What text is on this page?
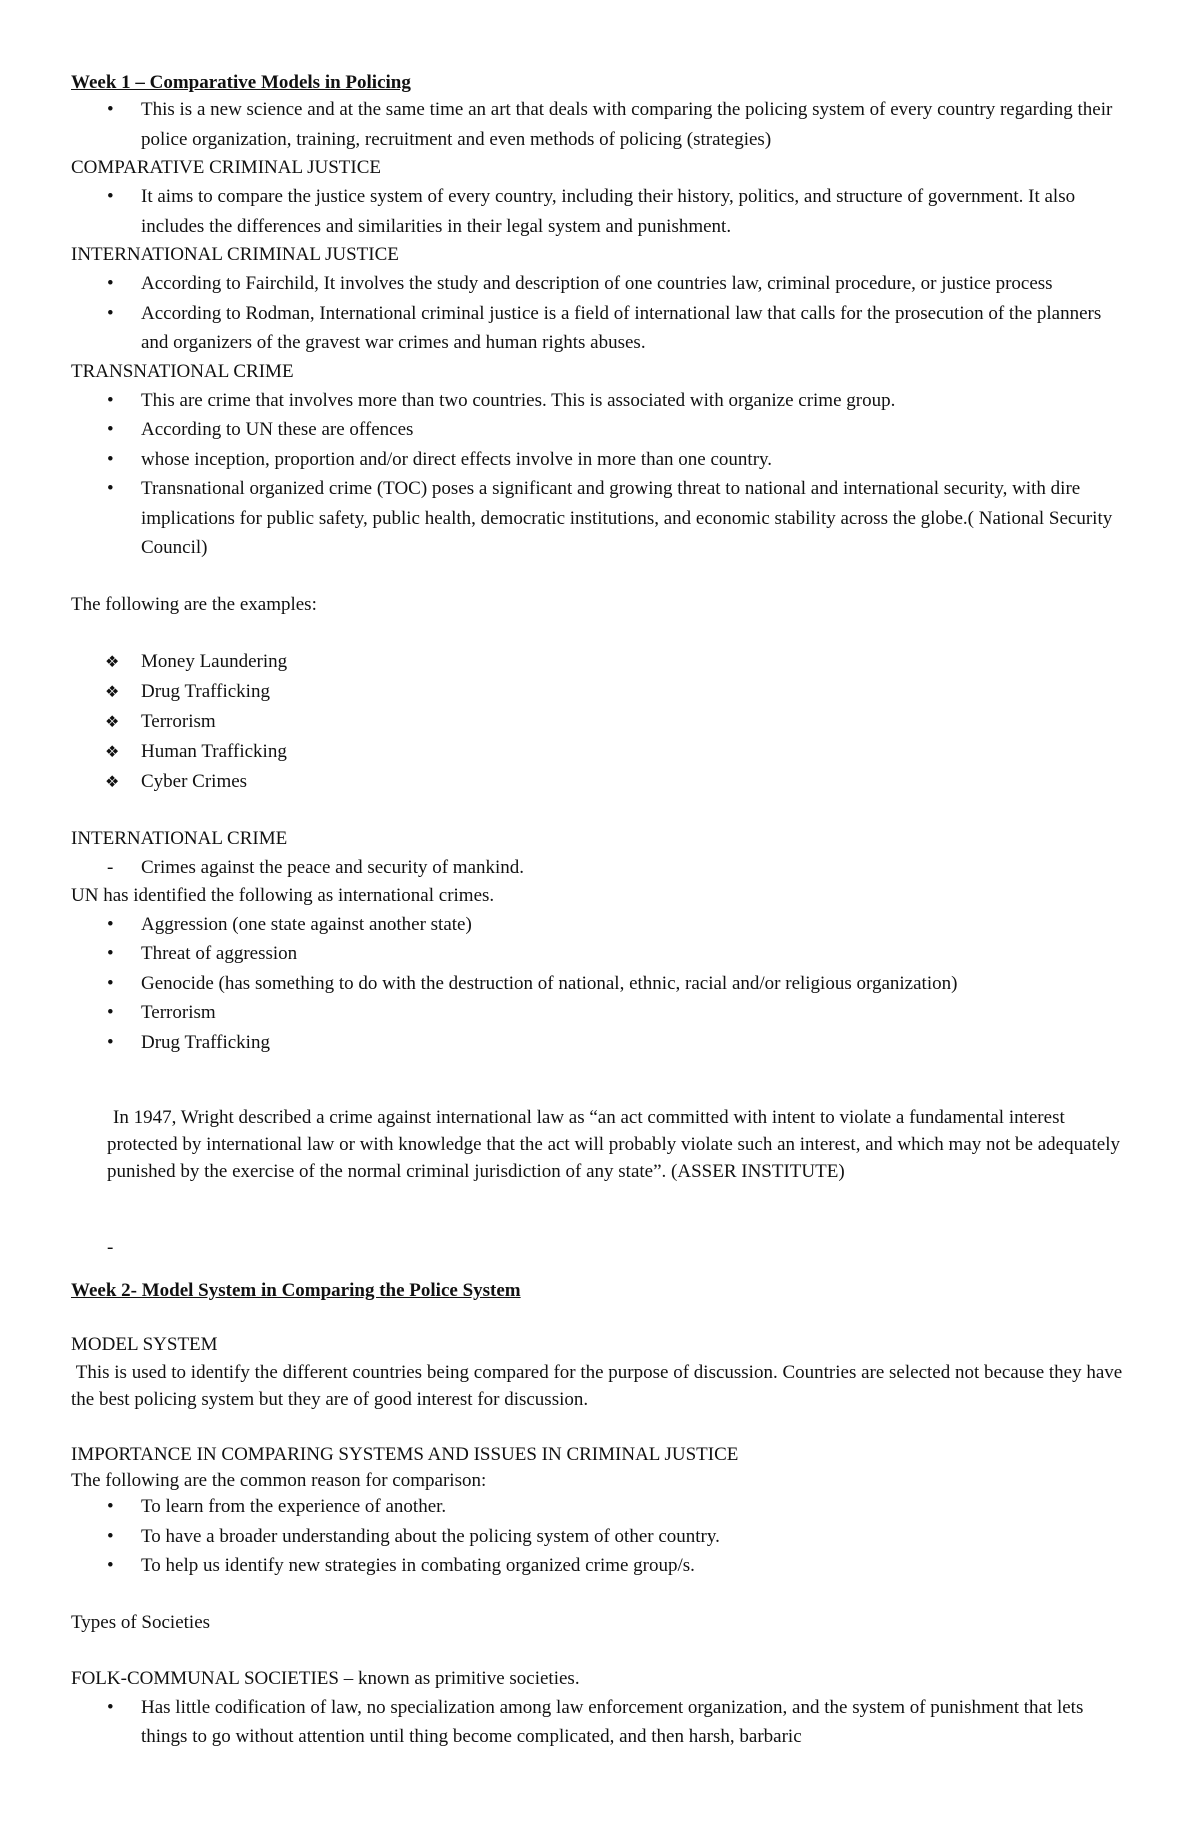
Week 1 – Comparative Models in Policing

• This is a new science and at the same time an art that deals with comparing the policing system of every country regarding their police organization, training, recruitment and even methods of policing (strategies)

COMPARATIVE CRIMINAL JUSTICE

• It aims to compare the justice system of every country, including their history, politics, and structure of government. It also includes the differences and similarities in their legal system and punishment.

INTERNATIONAL CRIMINAL JUSTICE

• According to Fairchild, It involves the study and description of one countries law, criminal procedure, or justice process
• According to Rodman, International criminal justice is a field of international law that calls for the prosecution of the planners and organizers of the gravest war crimes and human rights abuses.

TRANSNATIONAL CRIME

• This are crime that involves more than two countries. This is associated with organize crime group.
• According to UN these are offences
• whose inception, proportion and/or direct effects involve in more than one country.
• Transnational organized crime (TOC) poses a significant and growing threat to national and international security, with dire implications for public safety, public health, democratic institutions, and economic stability across the globe.( National Security Council)

The following are the examples:

❖ Money Laundering
❖ Drug Trafficking
❖ Terrorism
❖ Human Trafficking
❖ Cyber Crimes

INTERNATIONAL CRIME

- Crimes against the peace and security of mankind.

UN has identified the following as international crimes.

• Aggression (one state against another state)
• Threat of aggression
• Genocide (has something to do with the destruction of national, ethnic, racial and/or religious organization)
• Terrorism
• Drug Trafficking

In 1947, Wright described a crime against international law as “an act committed with intent to violate a fundamental interest protected by international law or with knowledge that the act will probably violate such an interest, and which may not be adequately punished by the exercise of the normal criminal jurisdiction of any state”. (ASSER INSTITUTE)

-

Week 2- Model System in Comparing the Police System

MODEL SYSTEM

This is used to identify the different countries being compared for the purpose of discussion. Countries are selected not because they have the best policing system but they are of good interest for discussion.

IMPORTANCE IN COMPARING SYSTEMS AND ISSUES IN CRIMINAL JUSTICE

The following are the common reason for comparison:

• To learn from the experience of another.
• To have a broader understanding about the policing system of other country.
• To help us identify new strategies in combating organized crime group/s.

Types of Societies

FOLK-COMMUNAL SOCIETIES – known as primitive societies.

• Has little codification of law, no specialization among law enforcement organization, and the system of punishment that lets things to go without attention until thing become complicated, and then harsh, barbaric
